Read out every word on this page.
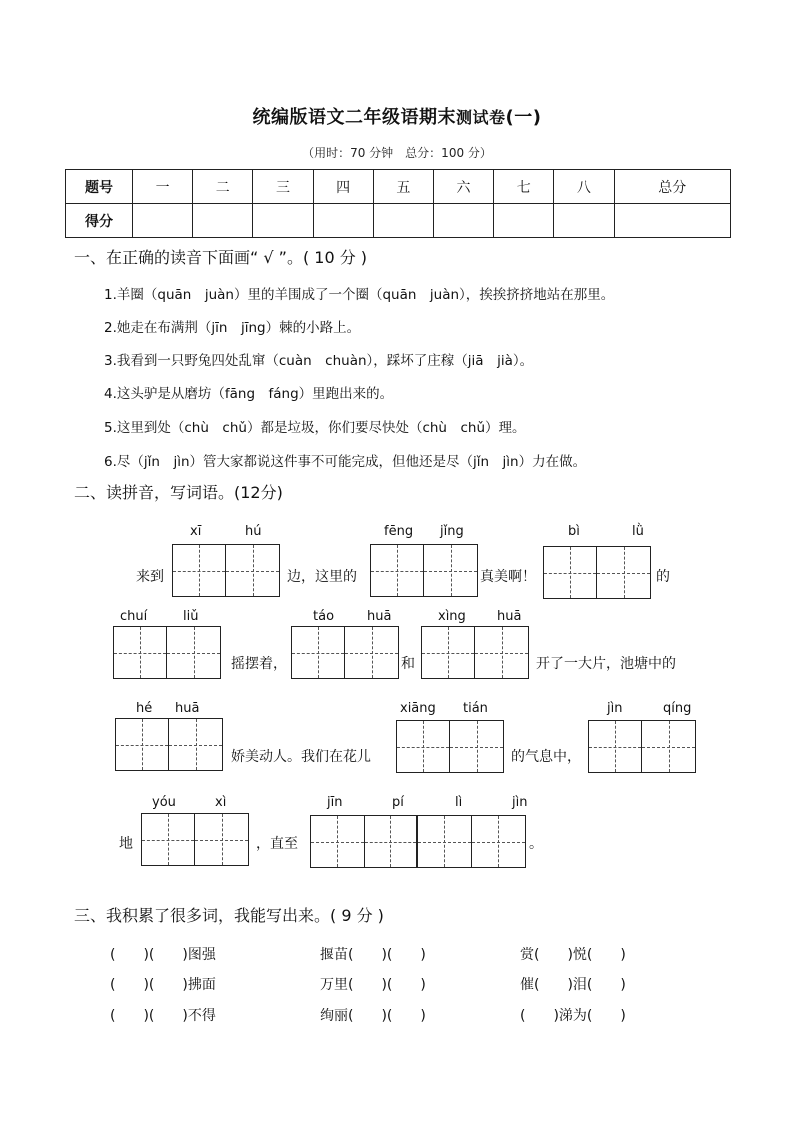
统编版语文二年级语期末测试卷(一)
（用时：70 分钟　总分：100 分）
题号	一	二	三	四	五	六	七	八	总分
得分									
一、在正确的读音下面画“ √ ”。( 10 分 )
1.羊圈（quān　juàn）里的羊围成了一个圈（quān　juàn），挨挨挤挤地站在那里。
2.她走在布满荆（jīn　jīng）棘的小路上。
3.我看到一只野兔四处乱窜（cuàn　chuàn），踩坏了庄稼（jiā　jià）。
4.这头驴是从磨坊（fāng　fáng）里跑出来的。
5.这里到处（chù　chǔ）都是垃圾，你们要尽快处（chù　chǔ）理。
6.尽（jǐn　jìn）管大家都说这件事不可能完成，但他还是尽（jǐn　jìn）力在做。
二、读拼音，写词语。(12分)
来到
xī	hú
边，这里的
fēng jǐng
真美啊！
bì	lǜ
的
chuí	liǔ
摇摆着，
táo	huā
和
xìng huā
开了一大片，池塘中的
hé huā
娇美动人。我们在花儿
xiāng tián
的气息中，
jìn	qíng
地
yóu	xì
，直至
jīn	pí	lì	jìn
。
三、我积累了很多词，我能写出来。( 9 分 )
(　　)(　　)图强	揠苗(　　)(　　)	赏(　　)悦(　　)
(　　)(　　)拂面	万里(　　)(　　)	催(　　)泪(　　)
(　　)(　　)不得	绚丽(　　)(　　)	(　　)涕为(　　)
